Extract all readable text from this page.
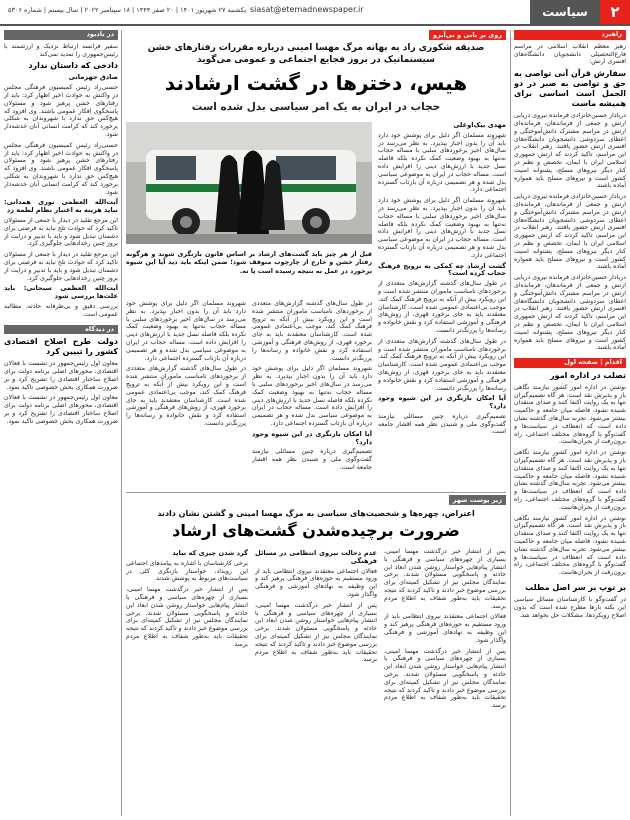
۲
سیاست
siasat@etemadnewspaper.ir
یکشنبه ۲۷ شهریور ۱۴۰۱ | ۲۰ صفر ۱۴۴۴ | ۱۸ سپتامبر ۲۰۲۲ | سال بیستم | شماره ۵۳۰۶
راهبرد

رهبر معظم انقلاب اسلامی در مراسم فارغ‌التحصیلی دانشجویان دانشگاه‌های افسری ارتش:

سفارش قرآن آنی تواصی به حق و تواصی به صبر در دو الجمل است اساسی برای همیشه ماست

دریادار حسین‌خانزادی فرمانده نیروی دریایی ارتش و جمعی از فرماندهان، فرمانده‌ای ارتش در مراسم مشترک دانش‌آموختگی و اعطای سردوشی دانشجویان دانشگاه‌های افسری ارتش حضور یافتند. رهبر انقلاب در این مراسم، تاکید کردند که ارتش جمهوری اسلامی ایران با ایمان، تخصص و نظم در کنار دیگر نیروهای مسلح، پشتوانه امنیت کشور است و نیروهای مسلح باید همواره آماده باشند.

دریادار حسین‌خانزادی فرمانده نیروی دریایی ارتش و جمعی از فرماندهان، فرمانده‌ای ارتش در مراسم مشترک دانش‌آموختگی و اعطای سردوشی دانشجویان دانشگاه‌های افسری ارتش حضور یافتند. رهبر انقلاب در این مراسم، تاکید کردند که ارتش جمهوری اسلامی ایران با ایمان، تخصص و نظم در کنار دیگر نیروهای مسلح، پشتوانه امنیت کشور است و نیروهای مسلح باید همواره آماده باشند.

دریادار حسین‌خانزادی فرمانده نیروی دریایی ارتش و جمعی از فرماندهان، فرمانده‌ای ارتش در مراسم مشترک دانش‌آموختگی و اعطای سردوشی دانشجویان دانشگاه‌های افسری ارتش حضور یافتند. رهبر انقلاب در این مراسم، تاکید کردند که ارتش جمهوری اسلامی ایران با ایمان، تخصص و نظم در کنار دیگر نیروهای مسلح، پشتوانه امنیت کشور است و نیروهای مسلح باید همواره آماده باشند.

اقدام | صفحه اول
تصلب در اداره امور

نوشتن در اداره امور کشور نیازمند نگاهی باز و پذیرش نقد است. هر گاه تصمیم‌گیران تنها به یک روایت اکتفا کنند و صدای منتقدان شنیده نشود، فاصله میان جامعه و حاکمیت بیشتر می‌شود. تجربه سال‌های گذشته نشان داده است که انعطاف در سیاست‌ها و گفت‌وگو با گروه‌های مختلف اجتماعی، راه برون‌رفت از بحران‌هاست.

نوشتن در اداره امور کشور نیازمند نگاهی باز و پذیرش نقد است. هر گاه تصمیم‌گیران تنها به یک روایت اکتفا کنند و صدای منتقدان شنیده نشود، فاصله میان جامعه و حاکمیت بیشتر می‌شود. تجربه سال‌های گذشته نشان داده است که انعطاف در سیاست‌ها و گفت‌وگو با گروه‌های مختلف اجتماعی، راه برون‌رفت از بحران‌هاست.

نوشتن در اداره امور کشور نیازمند نگاهی باز و پذیرش نقد است. هر گاه تصمیم‌گیران تنها به یک روایت اکتفا کنند و صدای منتقدان شنیده نشود، فاصله میان جامعه و حاکمیت بیشتر می‌شود. تجربه سال‌های گذشته نشان داده است که انعطاف در سیاست‌ها و گفت‌وگو با گروه‌های مختلف اجتماعی، راه برون‌رفت از بحران‌هاست.

بر توپ بر سر اصل مطلب

در گفت‌وگو با کارشناسان مسائل سیاسی این نکته بارها مطرح شده است که بدون اصلاح رویکردها، مشکلات حل نخواهد شد.

روی بر بانی و بی‌آبرو
صدیقه شکوری راد به بهانه مرگ مهسا امینی درباره مقررات رفتارهای خشن سیستماتیک در بروز فجایع اجتماعی و عمومی می‌گوید
هیس، دخترها در گشت ارشادند
حجاب در ایران به یک امر سیاسی بدل شده است
مهدی بیک‌اوغلی

شهروند مسلمان اگر دلیل برای پوشش خود دارد باید آن را بدون اجبار بپذیرد. به نظر می‌رسد در سال‌های اخیر برخوردهای سلبی با مساله حجاب نه‌تنها به بهبود وضعیت کمک نکرده بلکه فاصله نسل جدید با ارزش‌های دینی را افزایش داده است. مساله حجاب در ایران به موضوعی سیاسی بدل شده و هر تصمیمی درباره آن بازتاب گسترده اجتماعی دارد.

شهروند مسلمان اگر دلیل برای پوشش خود دارد باید آن را بدون اجبار بپذیرد. به نظر می‌رسد در سال‌های اخیر برخوردهای سلبی با مساله حجاب نه‌تنها به بهبود وضعیت کمک نکرده بلکه فاصله نسل جدید با ارزش‌های دینی را افزایش داده است. مساله حجاب در ایران به موضوعی سیاسی بدل شده و هر تصمیمی درباره آن بازتاب گسترده اجتماعی دارد.

گشت ارشاد چه کمکی به ترویج فرهنگ حجاب کرده است؟

در طول سال‌های گذشته گزارش‌های متعددی از برخوردهای نامناسب ماموران منتشر شده است و این رویکرد بیش از آنکه به ترویج فرهنگ کمک کند، موجب بی‌اعتمادی عمومی شده است. کارشناسان معتقدند باید به جای برخورد قهری، از روش‌های فرهنگی و آموزشی استفاده کرد و نقش خانواده و رسانه‌ها را پررنگ‌تر دانست.

در طول سال‌های گذشته گزارش‌های متعددی از برخوردهای نامناسب ماموران منتشر شده است و این رویکرد بیش از آنکه به ترویج فرهنگ کمک کند، موجب بی‌اعتمادی عمومی شده است. کارشناسان معتقدند باید به جای برخورد قهری، از روش‌های فرهنگی و آموزشی استفاده کرد و نقش خانواده و رسانه‌ها را پررنگ‌تر دانست.

آیا امکان بازنگری در این شیوه وجود دارد؟

تصمیم‌گیری درباره چنین مسائلی نیازمند گفت‌وگوی ملی و شنیدن نظر همه اقشار جامعه است.

قبل از هر چیز باید گشت‌های ارشاد بر اساس قانون بازنگری شوند و هرگونه رفتار خشن و خارج از چارچوب متوقف شود؛ ضمن اینکه باید دید آیا این شیوه برخورد در عمل به نتیجه رسیده است یا نه.

در طول سال‌های گذشته گزارش‌های متعددی از برخوردهای نامناسب ماموران منتشر شده است و این رویکرد بیش از آنکه به ترویج فرهنگ کمک کند، موجب بی‌اعتمادی عمومی شده است. کارشناسان معتقدند باید به جای برخورد قهری، از روش‌های فرهنگی و آموزشی استفاده کرد و نقش خانواده و رسانه‌ها را پررنگ‌تر دانست.

شهروند مسلمان اگر دلیل برای پوشش خود دارد باید آن را بدون اجبار بپذیرد. به نظر می‌رسد در سال‌های اخیر برخوردهای سلبی با مساله حجاب نه‌تنها به بهبود وضعیت کمک نکرده بلکه فاصله نسل جدید با ارزش‌های دینی را افزایش داده است. مساله حجاب در ایران به موضوعی سیاسی بدل شده و هر تصمیمی درباره آن بازتاب گسترده اجتماعی دارد.

آیا امکان بازنگری در این شیوه وجود دارد؟

تصمیم‌گیری درباره چنین مسائلی نیازمند گفت‌وگوی ملی و شنیدن نظر همه اقشار جامعه است.

شهروند مسلمان اگر دلیل برای پوشش خود دارد باید آن را بدون اجبار بپذیرد. به نظر می‌رسد در سال‌های اخیر برخوردهای سلبی با مساله حجاب نه‌تنها به بهبود وضعیت کمک نکرده بلکه فاصله نسل جدید با ارزش‌های دینی را افزایش داده است. مساله حجاب در ایران به موضوعی سیاسی بدل شده و هر تصمیمی درباره آن بازتاب گسترده اجتماعی دارد.

در طول سال‌های گذشته گزارش‌های متعددی از برخوردهای نامناسب ماموران منتشر شده است و این رویکرد بیش از آنکه به ترویج فرهنگ کمک کند، موجب بی‌اعتمادی عمومی شده است. کارشناسان معتقدند باید به جای برخورد قهری، از روش‌های فرهنگی و آموزشی استفاده کرد و نقش خانواده و رسانه‌ها را پررنگ‌تر دانست.

زیر پوست شهر
اعتراض، چهره‌ها و شخصیت‌های سیاسی به مرگ مهسا امینی و گشتن نشان دادند
ضرورت برچیده‌شدن گشت‌های ارشاد

پس از انتشار خبر درگذشت مهسا امینی، بسیاری از چهره‌های سیاسی و فرهنگی با انتشار پیام‌هایی خواستار روشن شدن ابعاد این حادثه و پاسخگویی مسئولان شدند. برخی نمایندگان مجلس نیز از تشکیل کمیته‌ای برای بررسی موضوع خبر دادند و تاکید کردند که نتیجه تحقیقات باید به‌طور شفاف به اطلاع مردم برسد.

فعالان اجتماعی معتقدند نیروی انتظامی باید از ورود مستقیم به حوزه‌های فرهنگی پرهیز کند و این وظیفه به نهادهای آموزشی و فرهنگی واگذار شود.

پس از انتشار خبر درگذشت مهسا امینی، بسیاری از چهره‌های سیاسی و فرهنگی با انتشار پیام‌هایی خواستار روشن شدن ابعاد این حادثه و پاسخگویی مسئولان شدند. برخی نمایندگان مجلس نیز از تشکیل کمیته‌ای برای بررسی موضوع خبر دادند و تاکید کردند که نتیجه تحقیقات باید به‌طور شفاف به اطلاع مردم برسد.

عدم دخالت نیروی انتظامی در مسائل فرهنگی

فعالان اجتماعی معتقدند نیروی انتظامی باید از ورود مستقیم به حوزه‌های فرهنگی پرهیز کند و این وظیفه به نهادهای آموزشی و فرهنگی واگذار شود.

پس از انتشار خبر درگذشت مهسا امینی، بسیاری از چهره‌های سیاسی و فرهنگی با انتشار پیام‌هایی خواستار روشن شدن ابعاد این حادثه و پاسخگویی مسئولان شدند. برخی نمایندگان مجلس نیز از تشکیل کمیته‌ای برای بررسی موضوع خبر دادند و تاکید کردند که نتیجه تحقیقات باید به‌طور شفاف به اطلاع مردم برسد.

گرد شدن چیزی که نباید

برخی کارشناسان با اشاره به پیامدهای اجتماعی این رویداد، خواستار بازنگری کلی در سیاست‌های مربوط به پوشش شدند.

پس از انتشار خبر درگذشت مهسا امینی، بسیاری از چهره‌های سیاسی و فرهنگی با انتشار پیام‌هایی خواستار روشن شدن ابعاد این حادثه و پاسخگویی مسئولان شدند. برخی نمایندگان مجلس نیز از تشکیل کمیته‌ای برای بررسی موضوع خبر دادند و تاکید کردند که نتیجه تحقیقات باید به‌طور شفاف به اطلاع مردم برسد.

در یادبود

سفیر فرانسه ارتباط نزدیک و ارزشمند با رئیس‌جمهوری را تمدید نمی‌کند

دادخی که داستان ندارد
صادق جهرمانی

حسنی‌راد رئیس کمیسیون فرهنگی مجلس در واکنش به حوادث اخیر اظهار کرد: باید از رفتارهای خشن پرهیز شود و مسئولان پاسخگوی افکار عمومی باشند. وی افزود که هیچ‌کس حق ندارد با شهروندان به شکلی برخورد کند که کرامت انسانی آنان خدشه‌دار شود.

حسنی‌راد رئیس کمیسیون فرهنگی مجلس در واکنش به حوادث اخیر اظهار کرد: باید از رفتارهای خشن پرهیز شود و مسئولان پاسخگوی افکار عمومی باشند. وی افزود که هیچ‌کس حق ندارد با شهروندان به شکلی برخورد کند که کرامت انسانی آنان خدشه‌دار شود.

آیت‌الله العظمی نوری همدانی: نباید هزینه به اعتبار نظام لطمه زد

این مرجع تقلید در دیدار با جمعی از مسئولان تاکید کرد که حوادث تلخ نباید به فرصتی برای دشمنان تبدیل شود و باید با تدبیر و درایت از بروز چنین رخدادهایی جلوگیری کرد.

این مرجع تقلید در دیدار با جمعی از مسئولان تاکید کرد که حوادث تلخ نباید به فرصتی برای دشمنان تبدیل شود و باید با تدبیر و درایت از بروز چنین رخدادهایی جلوگیری کرد.

آیت‌الله العظمی سبحانی: باید علت‌ها بررسی شود

بررسی دقیق و بی‌طرفانه حادثه، مطالبه عمومی است.

در دیدگاه
دولت طرح اصلاح اقتصادی کشور را تبیین کرد

معاون اول رئیس‌جمهور در نشست با فعالان اقتصادی، محورهای اصلی برنامه دولت برای اصلاح ساختار اقتصادی را تشریح کرد و بر ضرورت همکاری بخش خصوصی تاکید نمود.

معاون اول رئیس‌جمهور در نشست با فعالان اقتصادی، محورهای اصلی برنامه دولت برای اصلاح ساختار اقتصادی را تشریح کرد و بر ضرورت همکاری بخش خصوصی تاکید نمود.
